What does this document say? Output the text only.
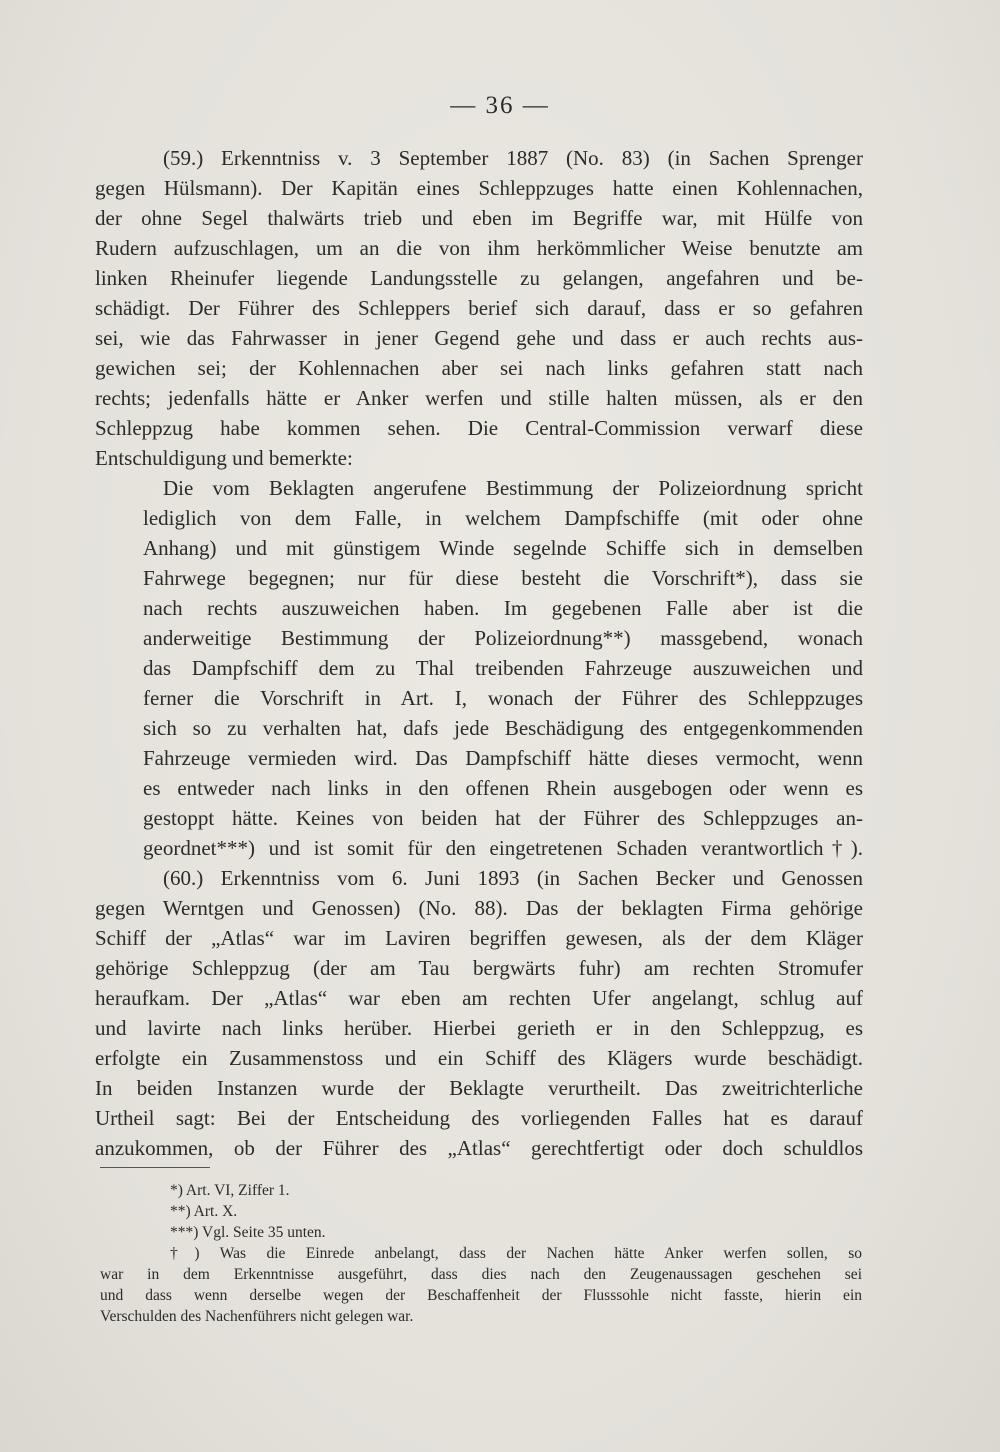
— 36 —
(59.) Erkenntniss v. 3 September 1887 (No. 83) (in Sachen Sprenger
gegen Hülsmann). Der Kapitän eines Schleppzuges hatte einen Kohlennachen,
der ohne Segel thalwärts trieb und eben im Begriffe war, mit Hülfe von
Rudern aufzuschlagen, um an die von ihm herkömmlicher Weise benutzte am
linken Rheinufer liegende Landungsstelle zu gelangen, angefahren und be-
schädigt. Der Führer des Schleppers berief sich darauf, dass er so gefahren
sei, wie das Fahrwasser in jener Gegend gehe und dass er auch rechts aus-
gewichen sei; der Kohlennachen aber sei nach links gefahren statt nach
rechts; jedenfalls hätte er Anker werfen und stille halten müssen, als er den
Schleppzug habe kommen sehen. Die Central-Commission verwarf diese
Entschuldigung und bemerkte:
Die vom Beklagten angerufene Bestimmung der Polizeiordnung spricht
lediglich von dem Falle, in welchem Dampfschiffe (mit oder ohne
Anhang) und mit günstigem Winde segelnde Schiffe sich in demselben
Fahrwege begegnen; nur für diese besteht die Vorschrift*), dass sie
nach rechts auszuweichen haben. Im gegebenen Falle aber ist die
anderweitige Bestimmung der Polizeiordnung**) massgebend, wonach
das Dampfschiff dem zu Thal treibenden Fahrzeuge auszuweichen und
ferner die Vorschrift in Art. I, wonach der Führer des Schleppzuges
sich so zu verhalten hat, dafs jede Beschädigung des entgegenkommenden
Fahrzeuge vermieden wird. Das Dampfschiff hätte dieses vermocht, wenn
es entweder nach links in den offenen Rhein ausgebogen oder wenn es
gestoppt hätte. Keines von beiden hat der Führer des Schleppzuges an-
geordnet***) und ist somit für den eingetretenen Schaden verantwortlich†).
(60.) Erkenntniss vom 6. Juni 1893 (in Sachen Becker und Genossen
gegen Werntgen und Genossen) (No. 88). Das der beklagten Firma gehörige
Schiff der „Atlas“ war im Laviren begriffen gewesen, als der dem Kläger
gehörige Schleppzug (der am Tau bergwärts fuhr) am rechten Stromufer
heraufkam. Der „Atlas“ war eben am rechten Ufer angelangt, schlug auf
und lavirte nach links herüber. Hierbei gerieth er in den Schleppzug, es
erfolgte ein Zusammenstoss und ein Schiff des Klägers wurde beschädigt.
In beiden Instanzen wurde der Beklagte verurtheilt. Das zweitrichterliche
Urtheil sagt: Bei der Entscheidung des vorliegenden Falles hat es darauf
anzukommen, ob der Führer des „Atlas“ gerechtfertigt oder doch schuldlos
*) Art. VI, Ziffer 1.
**) Art. X.
***) Vgl. Seite 35 unten.
†) Was die Einrede anbelangt, dass der Nachen hätte Anker werfen sollen, so
war in dem Erkenntnisse ausgeführt, dass dies nach den Zeugenaussagen geschehen sei
und dass wenn derselbe wegen der Beschaffenheit der Flusssohle nicht fasste, hierin ein
Verschulden des Nachenführers nicht gelegen war.
